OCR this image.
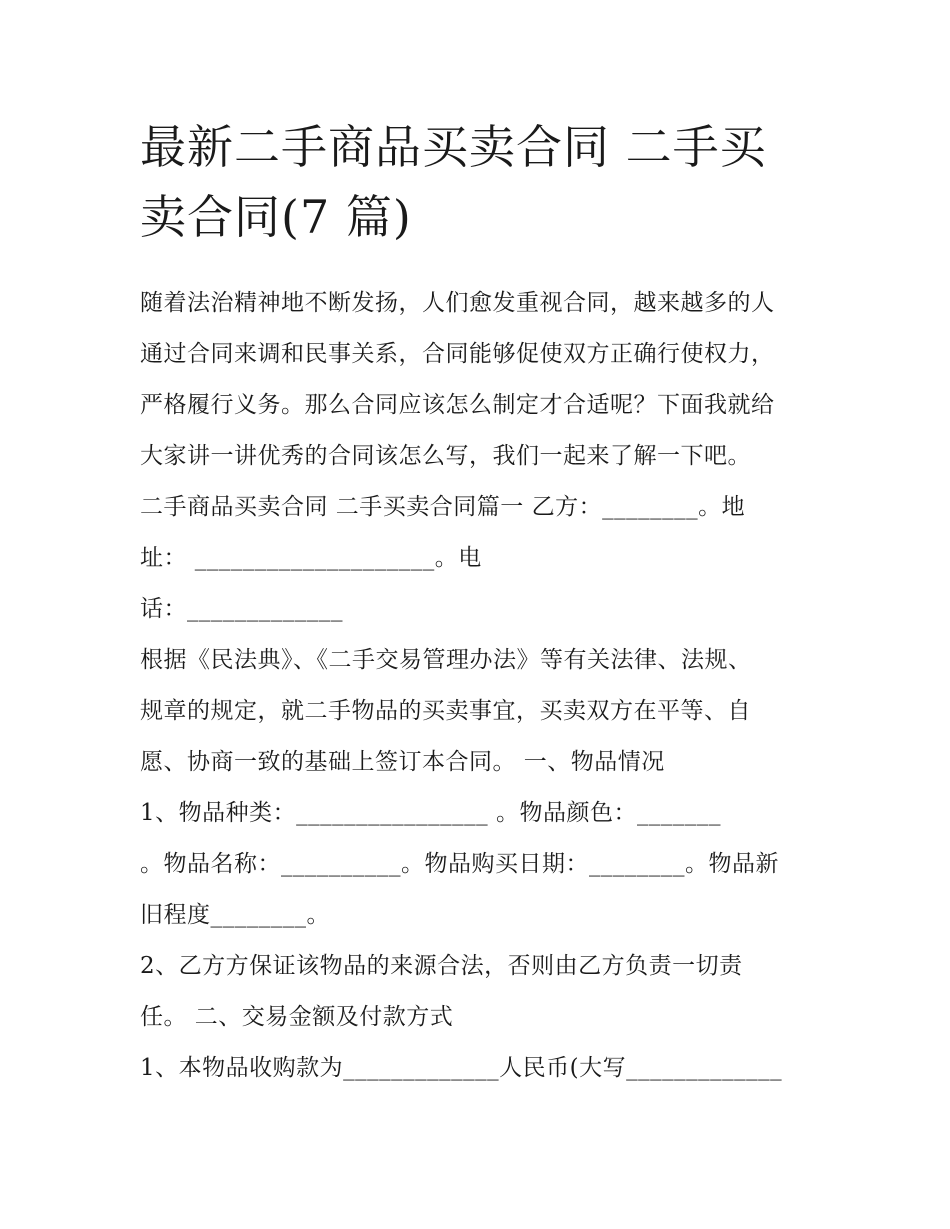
最新二手商品买卖合同 二手买
卖合同(7 篇)
随着法治精神地不断发扬，人们愈发重视合同，越来越多的人
通过合同来调和民事关系，合同能够促使双方正确行使权力，
严格履行义务。那么合同应该怎么制定才合适呢？下面我就给
大家讲一讲优秀的合同该怎么写，我们一起来了解一下吧。
二手商品买卖合同 二手买卖合同篇一 乙方：________。地
址： ____________________。电
话：_____________
根据《民法典》、《二手交易管理办法》等有关法律、法规、
规章的规定，就二手物品的买卖事宜，买卖双方在平等、自
愿、协商一致的基础上签订本合同。 一、物品情况
1、物品种类：________________ 。物品颜色：_______
。物品名称：__________。物品购买日期：________。物品新
旧程度________。
2、乙方方保证该物品的来源合法，否则由乙方负责一切责
任。 二、交易金额及付款方式
1、本物品收购款为_____________人民币(大写_____________
